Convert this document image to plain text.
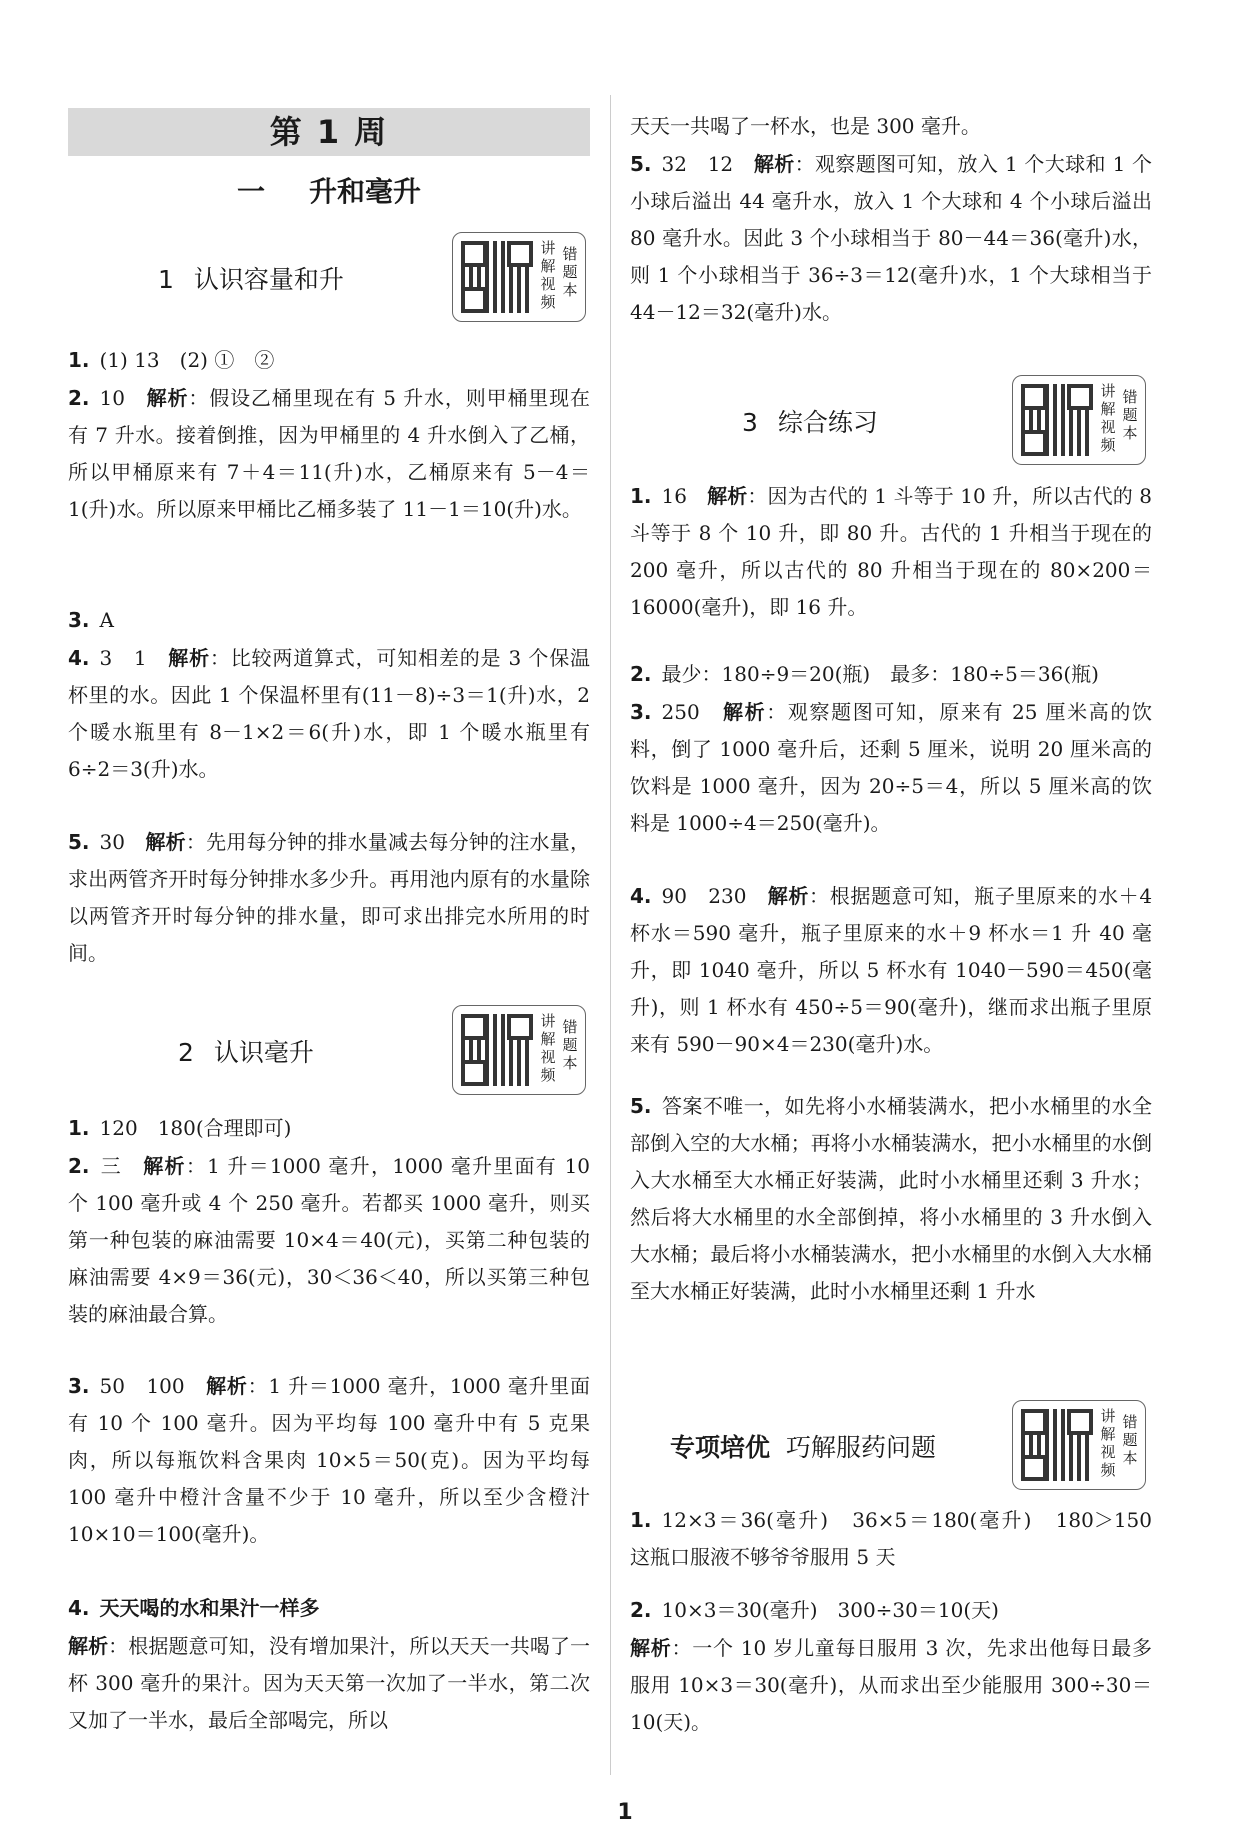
第 1 周
一 升和毫升
1 认识容量和升
讲解视频
错题本

1. (1) 13　(2) ①　②

2. 10　 解析：假设乙桶里现在有 5 升水，则甲桶里现在有 7 升水。接着倒推，因为甲桶里的 4 升水倒入了乙桶，所以甲桶原来有 7＋4＝11(升)水，乙桶原来有 5－4＝1(升)水。所以原来甲桶比乙桶多装了 11－1＝10(升)水。

3. A

4. 3　1　 解析：比较两道算式，可知相差的是 3 个保温杯里的水。因此 1 个保温杯里有(11－8)÷3＝1(升)水，2 个暖水瓶里有 8－1×2＝6(升)水，即 1 个暖水瓶里有 6÷2＝3(升)水。

5. 30　 解析：先用每分钟的排水量减去每分钟的注水量，求出两管齐开时每分钟排水多少升。再用池内原有的水量除以两管齐开时每分钟的排水量，即可求出排完水所用的时间。

2 认识毫升
讲解视频
错题本

1. 120　180(合理即可)

2. 三　 解析：1 升＝1000 毫升，1000 毫升里面有 10 个 100 毫升或 4 个 250 毫升。若都买 1000 毫升，则买第一种包装的麻油需要 10×4＝40(元)，买第二种包装的麻油需要 4×9＝36(元)，30＜36＜40，所以买第三种包装的麻油最合算。

3. 50　100　 解析：1 升＝1000 毫升，1000 毫升里面有 10 个 100 毫升。因为平均每 100 毫升中有 5 克果肉，所以每瓶饮料含果肉 10×5＝50(克)。因为平均每 100 毫升中橙汁含量不少于 10 毫升，所以至少含橙汁 10×10＝100(毫升)。

4. 天天喝的水和果汁一样多

解析：根据题意可知，没有增加果汁，所以天天一共喝了一杯 300 毫升的果汁。因为天天第一次加了一半水，第二次又加了一半水，最后全部喝完，所以

天天一共喝了一杯水，也是 300 毫升。

5. 32　12　 解析：观察题图可知，放入 1 个大球和 1 个小球后溢出 44 毫升水，放入 1 个大球和 4 个小球后溢出 80 毫升水。因此 3 个小球相当于 80－44＝36(毫升)水，则 1 个小球相当于 36÷3＝12(毫升)水，1 个大球相当于 44－12＝32(毫升)水。

3 综合练习
讲解视频
错题本

1. 16　 解析：因为古代的 1 斗等于 10 升，所以古代的 8 斗等于 8 个 10 升，即 80 升。古代的 1 升相当于现在的 200 毫升，所以古代的 80 升相当于现在的 80×200＝16000(毫升)，即 16 升。

2. 最少：180÷9＝20(瓶)　最多：180÷5＝36(瓶)

3. 250　 解析：观察题图可知，原来有 25 厘米高的饮料，倒了 1000 毫升后，还剩 5 厘米，说明 20 厘米高的饮料是 1000 毫升，因为 20÷5＝4，所以 5 厘米高的饮料是 1000÷4＝250(毫升)。

4. 90　230　 解析：根据题意可知，瓶子里原来的水＋4 杯水＝590 毫升，瓶子里原来的水＋9 杯水＝1 升 40 毫升，即 1040 毫升，所以 5 杯水有 1040－590＝450(毫升)，则 1 杯水有 450÷5＝90(毫升)，继而求出瓶子里原来有 590－90×4＝230(毫升)水。

5. 答案不唯一，如先将小水桶装满水，把小水桶里的水全部倒入空的大水桶；再将小水桶装满水，把小水桶里的水倒入大水桶至大水桶正好装满，此时小水桶里还剩 3 升水；然后将大水桶里的水全部倒掉，将小水桶里的 3 升水倒入大水桶；最后将小水桶装满水，把小水桶里的水倒入大水桶至大水桶正好装满，此时小水桶里还剩 1 升水

专项培优 巧解服药问题
讲解视频
错题本

1. 12×3＝36(毫升)　36×5＝180(毫升)　180＞150　这瓶口服液不够爷爷服用 5 天

2. 10×3＝30(毫升)　300÷30＝10(天)

解析：一个 10 岁儿童每日服用 3 次，先求出他每日最多服用 10×3＝30(毫升)，从而求出至少能服用 300÷30＝10(天)。

1
